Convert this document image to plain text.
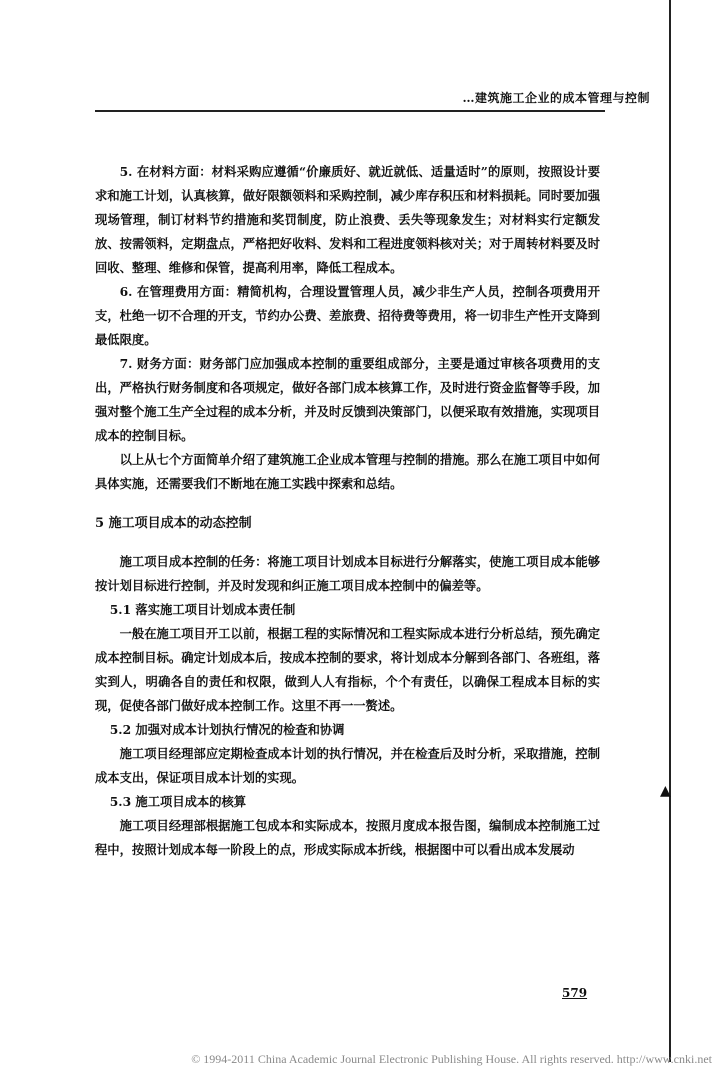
…建筑施工企业的成本管理与控制

5. 在材料方面：材料采购应遵循“价廉质好、就近就低、适量适时”的原则，按照设计要求和施工计划，认真核算，做好限额领料和采购控制，减少库存积压和材料损耗。同时要加强现场管理，制订材料节约措施和奖罚制度，防止浪费、丢失等现象发生；对材料实行定额发放、按需领料，定期盘点，严格把好收料、发料和工程进度领料核对关；对于周转材料要及时回收、整理、维修和保管，提高利用率，降低工程成本。

6. 在管理费用方面：精简机构，合理设置管理人员，减少非生产人员，控制各项费用开支，杜绝一切不合理的开支，节约办公费、差旅费、招待费等费用，将一切非生产性开支降到最低限度。

7. 财务方面：财务部门应加强成本控制的重要组成部分，主要是通过审核各项费用的支出，严格执行财务制度和各项规定，做好各部门成本核算工作，及时进行资金监督等手段，加强对整个施工生产全过程的成本分析，并及时反馈到决策部门，以便采取有效措施，实现项目成本的控制目标。

以上从七个方面简单介绍了建筑施工企业成本管理与控制的措施。那么在施工项目中如何具体实施，还需要我们不断地在施工实践中探索和总结。

5 施工项目成本的动态控制

施工项目成本控制的任务：将施工项目计划成本目标进行分解落实，使施工项目成本能够按计划目标进行控制，并及时发现和纠正施工项目成本控制中的偏差等。

5.1 落实施工项目计划成本责任制

一般在施工项目开工以前，根据工程的实际情况和工程实际成本进行分析总结，预先确定成本控制目标。确定计划成本后，按成本控制的要求，将计划成本分解到各部门、各班组，落实到人，明确各自的责任和权限，做到人人有指标，个个有责任，以确保工程成本目标的实现，促使各部门做好成本控制工作。这里不再一一赘述。

5.2 加强对成本计划执行情况的检查和协调

施工项目经理部应定期检查成本计划的执行情况，并在检查后及时分析，采取措施，控制成本支出，保证项目成本计划的实现。

5.3 施工项目成本的核算

施工项目经理部根据施工包成本和实际成本，按照月度成本报告图，编制成本控制施工过程中，按照计划成本每一阶段上的点，形成实际成本折线，根据图中可以看出成本发展动

▲
579
© 1994-2011 China Academic Journal Electronic Publishing House. All rights reserved. http://www.cnki.net
